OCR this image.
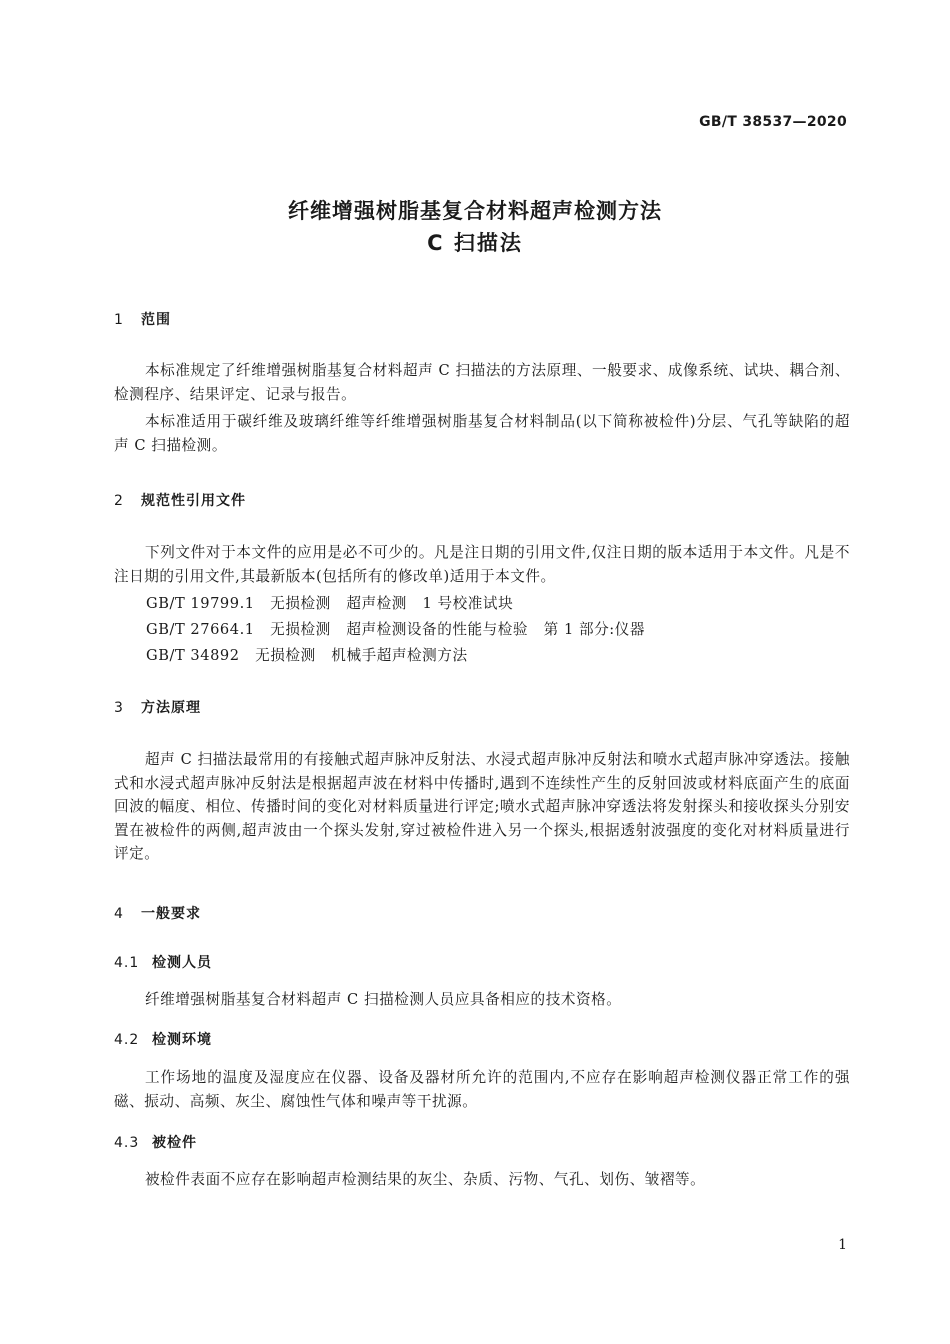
GB/T 38537—2020
纤维增强树脂基复合材料超声检测方法
C 扫描法
1 范围
本标准规定了纤维增强树脂基复合材料超声 C 扫描法的方法原理、一般要求、成像系统、试块、耦合剂、检测程序、结果评定、记录与报告。
本标准适用于碳纤维及玻璃纤维等纤维增强树脂基复合材料制品(以下简称被检件)分层、气孔等缺陷的超声 C 扫描检测。
2 规范性引用文件
下列文件对于本文件的应用是必不可少的。凡是注日期的引用文件,仅注日期的版本适用于本文件。凡是不注日期的引用文件,其最新版本(包括所有的修改单)适用于本文件。
GB/T 19799.1   无损检测   超声检测   1 号校准试块
GB/T 27664.1   无损检测   超声检测设备的性能与检验   第 1 部分:仪器
GB/T 34892   无损检测   机械手超声检测方法
3 方法原理
超声 C 扫描法最常用的有接触式超声脉冲反射法、水浸式超声脉冲反射法和喷水式超声脉冲穿透法。接触式和水浸式超声脉冲反射法是根据超声波在材料中传播时,遇到不连续性产生的反射回波或材料底面产生的底面回波的幅度、相位、传播时间的变化对材料质量进行评定;喷水式超声脉冲穿透法将发射探头和接收探头分别安置在被检件的两侧,超声波由一个探头发射,穿过被检件进入另一个探头,根据透射波强度的变化对材料质量进行评定。
4 一般要求
4.1 检测人员
纤维增强树脂基复合材料超声 C 扫描检测人员应具备相应的技术资格。
4.2 检测环境
工作场地的温度及湿度应在仪器、设备及器材所允许的范围内,不应存在影响超声检测仪器正常工作的强磁、振动、高频、灰尘、腐蚀性气体和噪声等干扰源。
4.3 被检件
被检件表面不应存在影响超声检测结果的灰尘、杂质、污物、气孔、划伤、皱褶等。
1
